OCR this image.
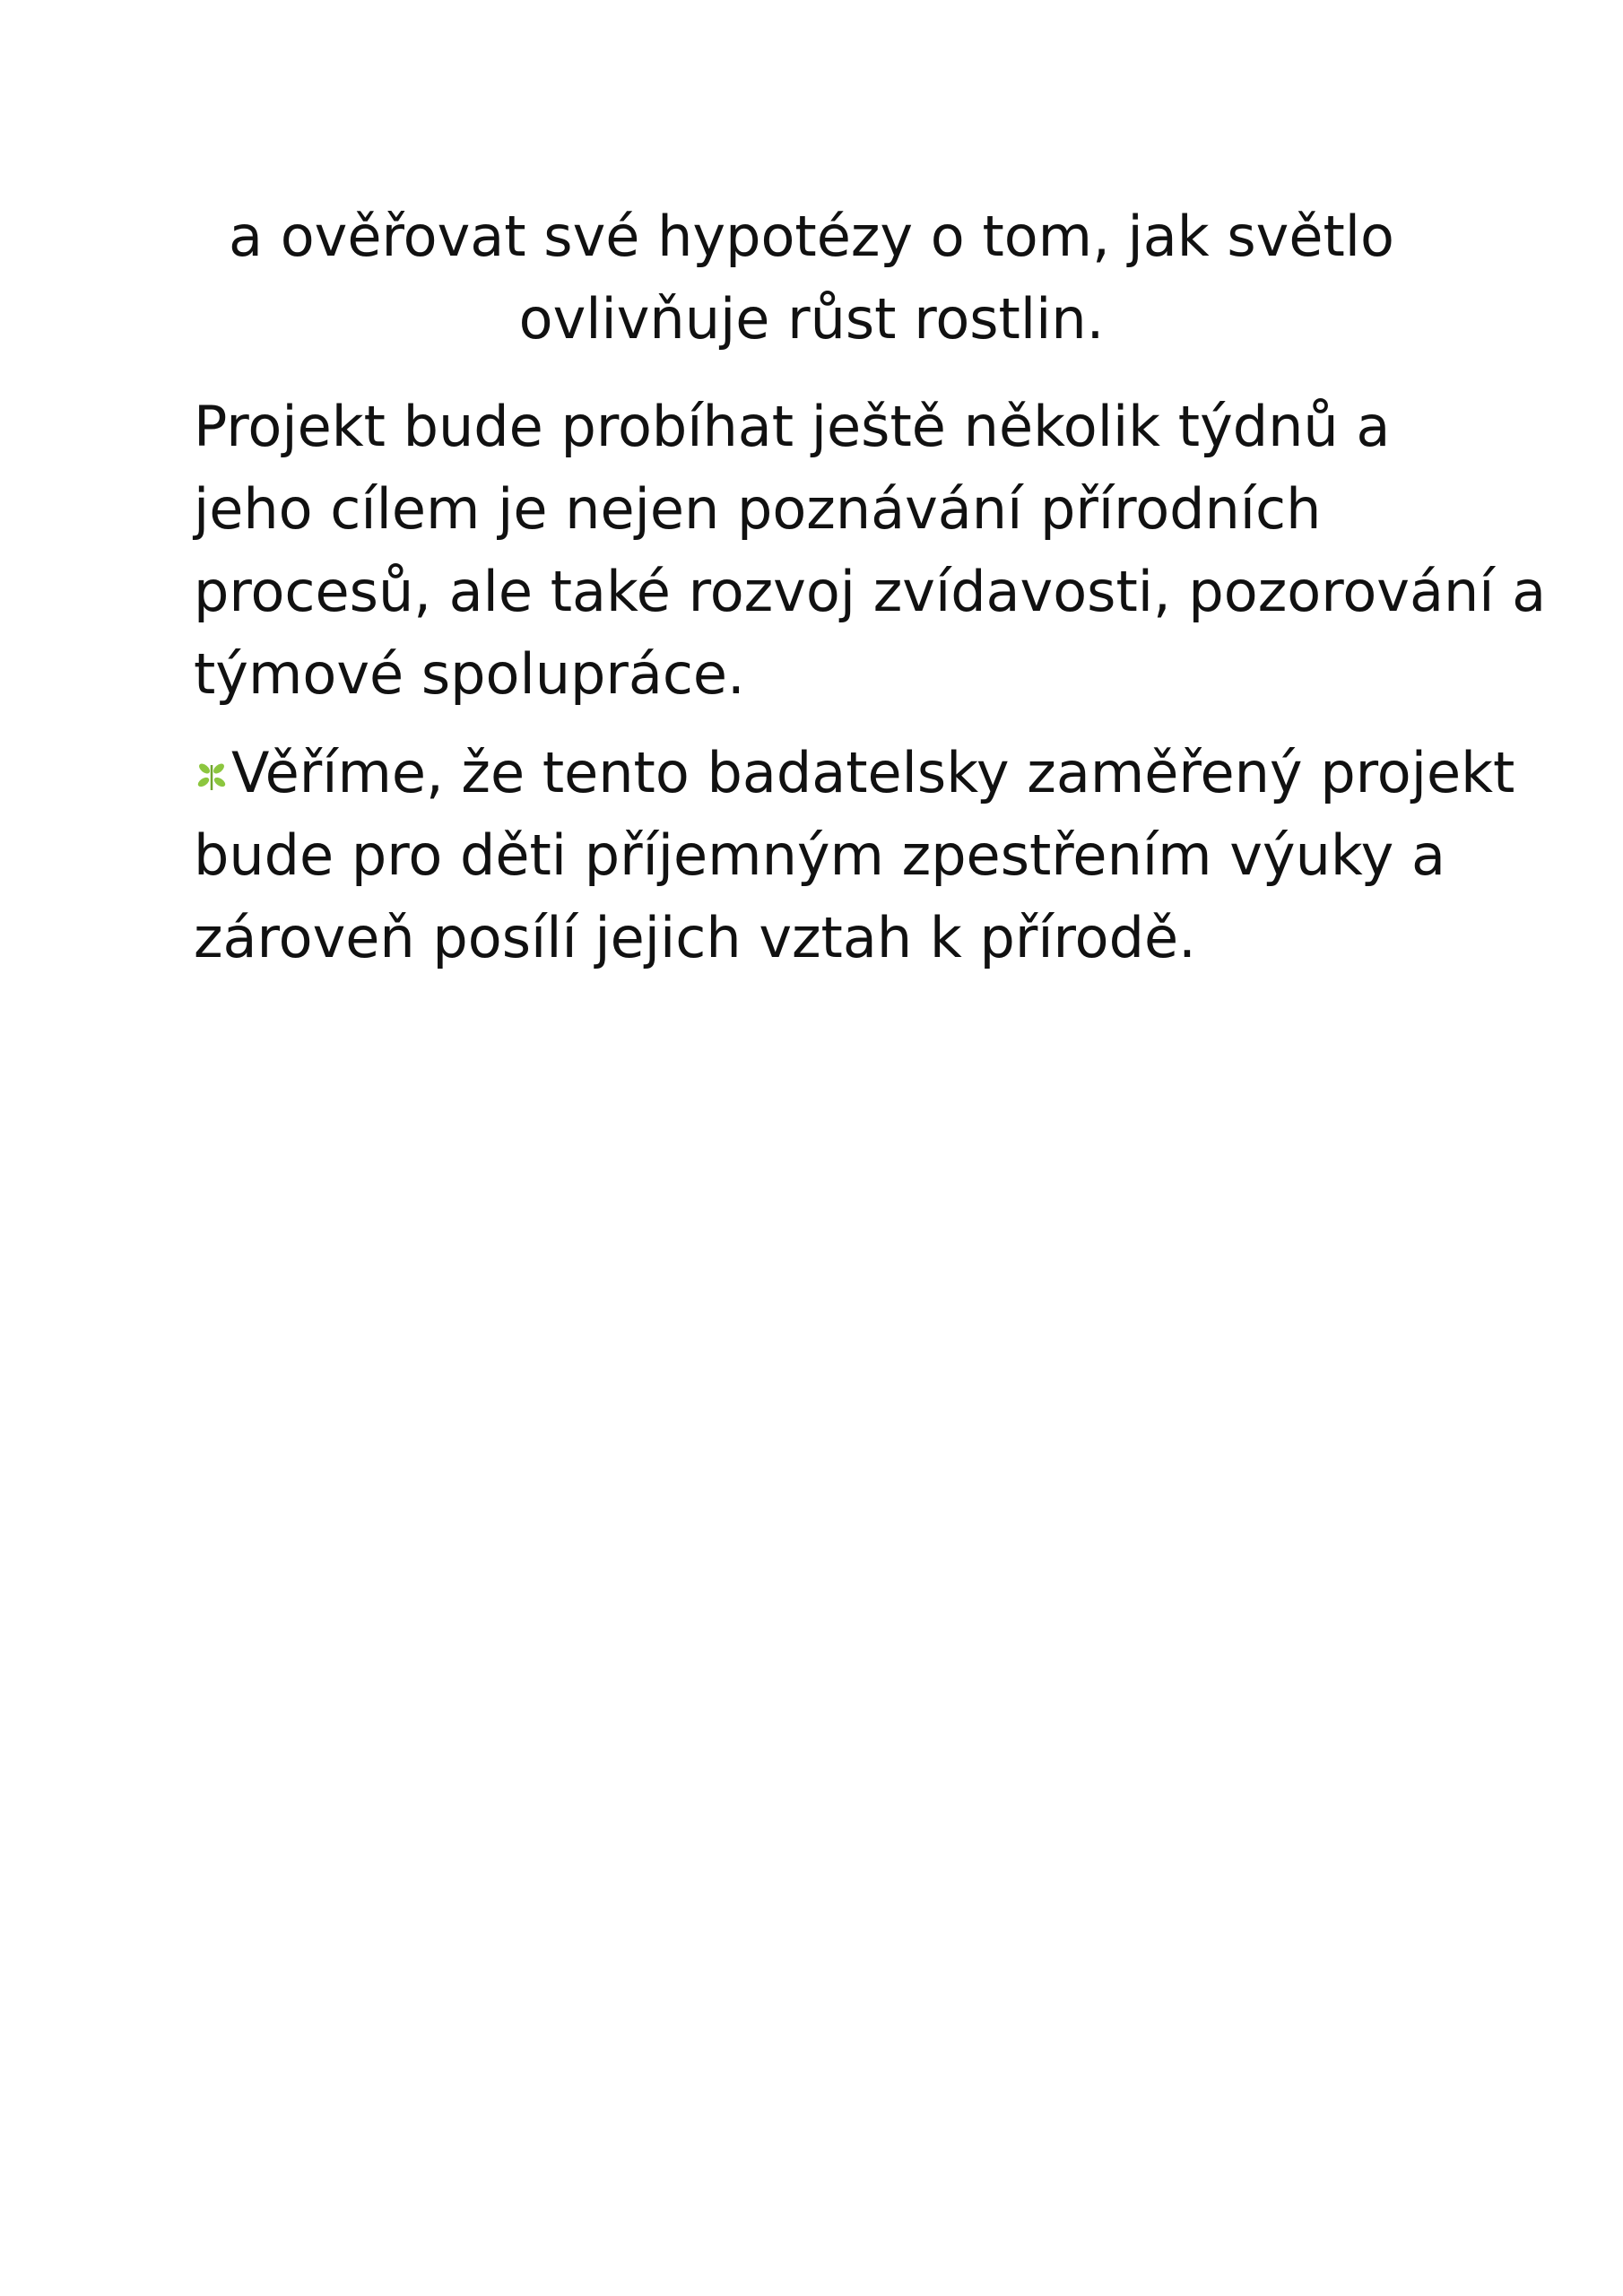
a ověřovat své hypotézy o tom, jak světlo
ovlivňuje růst rostlin.
Projekt bude probíhat ještě několik týdnů a
jeho cílem je nejen poznávání přírodních
procesů, ale také rozvoj zvídavosti, pozorování a
týmové spolupráce.
Věříme, že tento badatelsky zaměřený projekt
bude pro děti příjemným zpestřením výuky a
zároveň posílí jejich vztah k přírodě.
